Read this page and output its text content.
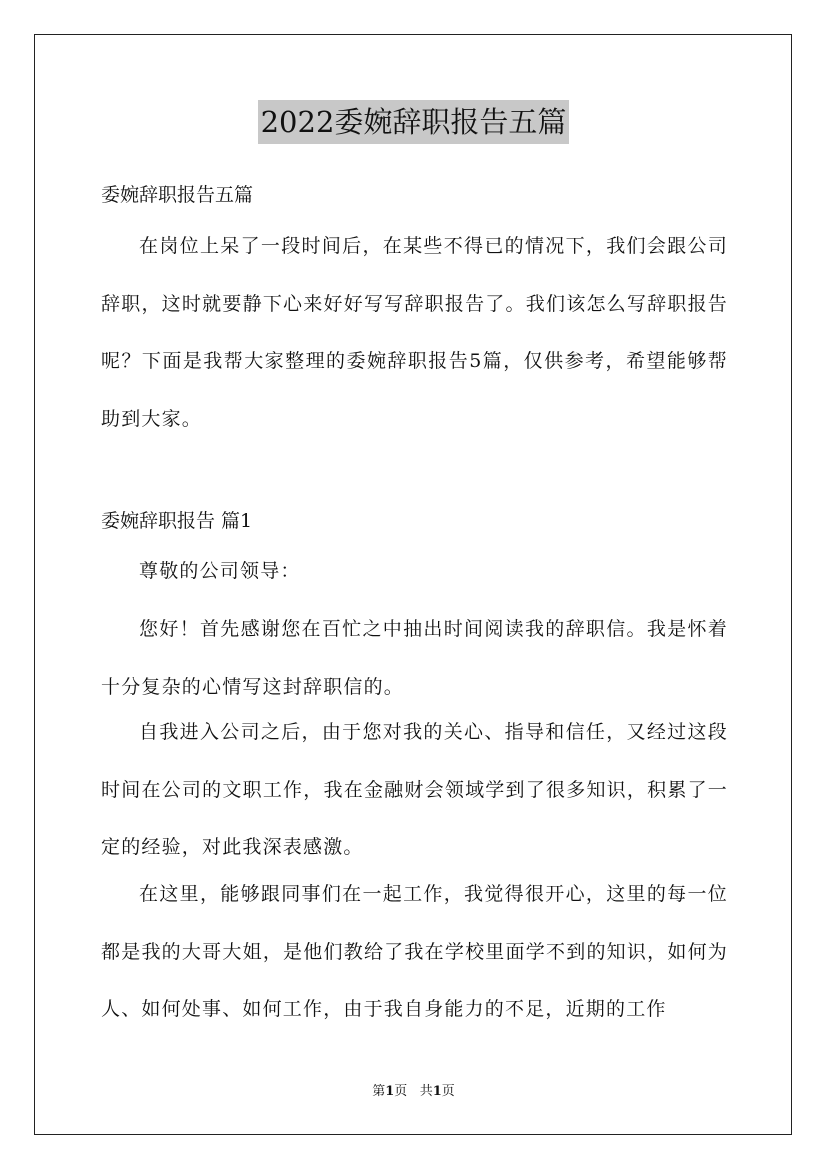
2022委婉辞职报告五篇
委婉辞职报告五篇
在岗位上呆了一段时间后，在某些不得已的情况下，我们会跟公司辞职，这时就要静下心来好好写写辞职报告了。我们该怎么写辞职报告呢？下面是我帮大家整理的委婉辞职报告5篇，仅供参考，希望能够帮助到大家。
委婉辞职报告 篇1
尊敬的公司领导：
您好！首先感谢您在百忙之中抽出时间阅读我的辞职信。我是怀着十分复杂的心情写这封辞职信的。
自我进入公司之后，由于您对我的关心、指导和信任，又经过这段时间在公司的文职工作，我在金融财会领域学到了很多知识，积累了一定的经验，对此我深表感激。
在这里，能够跟同事们在一起工作，我觉得很开心，这里的每一位都是我的大哥大姐，是他们教给了我在学校里面学不到的知识，如何为人、如何处事、如何工作，由于我自身能力的不足，近期的工作
第1页 共1页
